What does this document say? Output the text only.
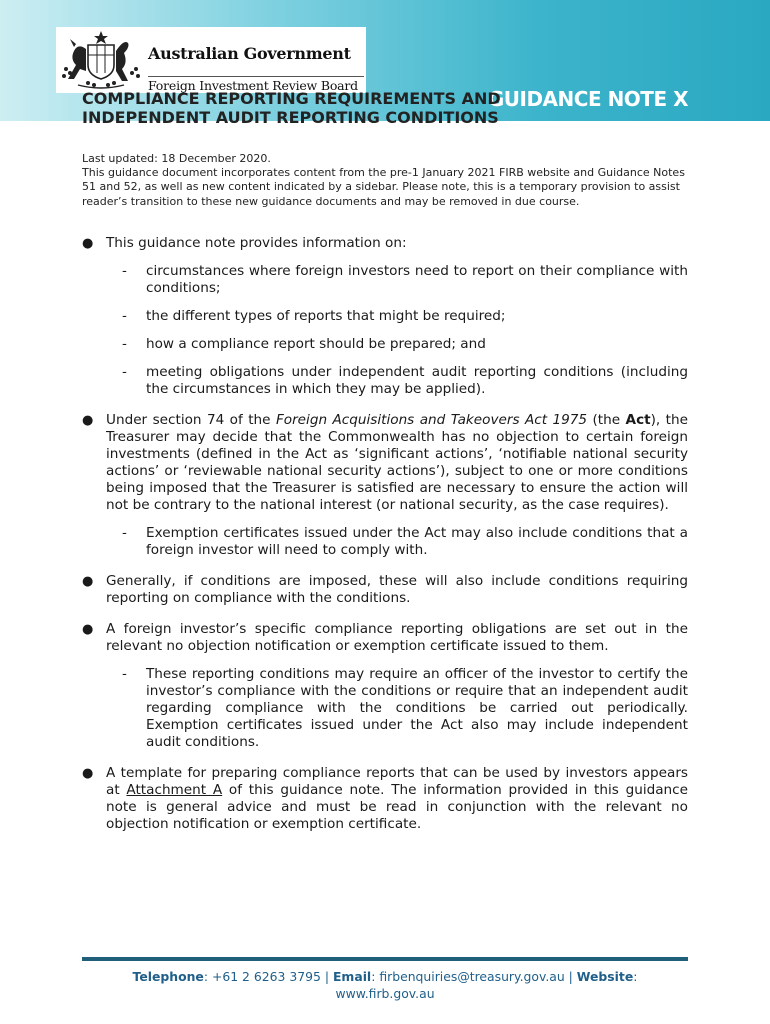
Australian Government
Foreign Investment Review Board
GUIDANCE NOTE X
COMPLIANCE REPORTING REQUIREMENTS AND
INDEPENDENT AUDIT REPORTING CONDITIONS
Last updated: 18 December 2020.
This guidance document incorporates content from the pre-1 January 2021 FIRB website and Guidance Notes 51 and 52, as well as new content indicated by a sidebar. Please note, this is a temporary provision to assist reader’s transition to these new guidance documents and may be removed in due course.
● This guidance note provides information on:
- circumstances where foreign investors need to report on their compliance with conditions;
- the different types of reports that might be required;
- how a compliance report should be prepared; and
- meeting obligations under independent audit reporting conditions (including the circumstances in which they may be applied).
● Under section 74 of the Foreign Acquisitions and Takeovers Act 1975 (the Act), the Treasurer may decide that the Commonwealth has no objection to certain foreign investments (defined in the Act as ‘significant actions’, ‘notifiable national security actions’ or ‘reviewable national security actions’), subject to one or more conditions being imposed that the Treasurer is satisfied are necessary to ensure the action will not be contrary to the national interest (or national security, as the case requires).
- Exemption certificates issued under the Act may also include conditions that a foreign investor will need to comply with.
● Generally, if conditions are imposed, these will also include conditions requiring reporting on compliance with the conditions.
● A foreign investor’s specific compliance reporting obligations are set out in the relevant no objection notification or exemption certificate issued to them.
- These reporting conditions may require an officer of the investor to certify the investor’s compliance with the conditions or require that an independent audit regarding compliance with the conditions be carried out periodically. Exemption certificates issued under the Act also may include independent audit conditions.
● A template for preparing compliance reports that can be used by investors appears at Attachment A of this guidance note. The information provided in this guidance note is general advice and must be read in conjunction with the relevant no objection notification or exemption certificate.
Telephone: +61 2 6263 3795 | Email: firbenquiries@treasury.gov.au | Website:
www.firb.gov.au
